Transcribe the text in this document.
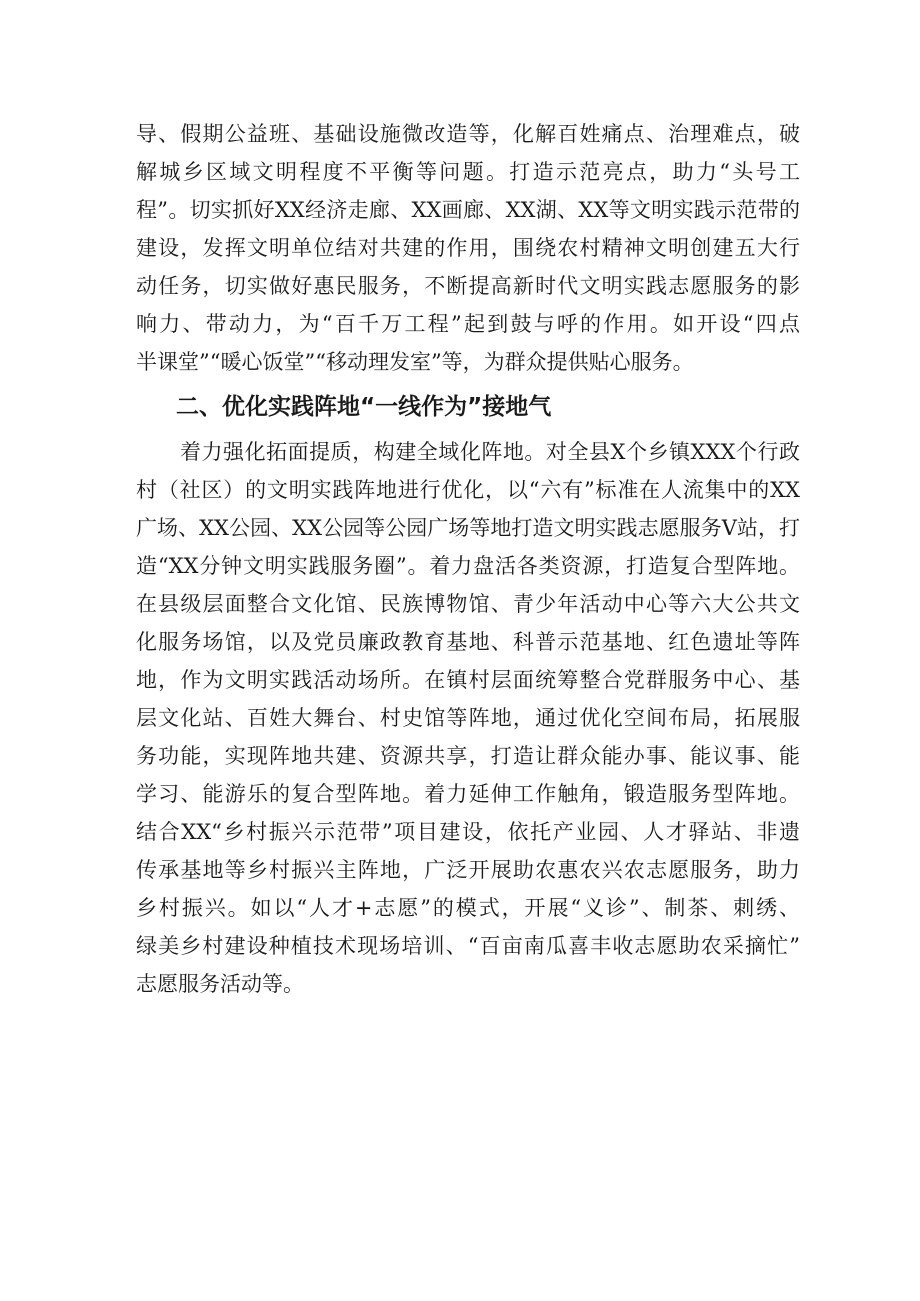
导、假期公益班、基础设施微改造等，化解百姓痛点、治理难点，破
解城乡区域文明程度不平衡等问题。打造示范亮点，助力“头号工
程”。切实抓好XX经济走廊、XX画廊、XX湖、XX等文明实践示范带的
建设，发挥文明单位结对共建的作用，围绕农村精神文明创建五大行
动任务，切实做好惠民服务，不断提高新时代文明实践志愿服务的影
响力、带动力，为“百千万工程”起到鼓与呼的作用。如开设“四点
半课堂”“暖心饭堂”“移动理发室”等，为群众提供贴心服务。
二、优化实践阵地“一线作为”接地气
着力强化拓面提质，构建全域化阵地。对全县X个乡镇XXX个行政
村（社区）的文明实践阵地进行优化，以“六有”标准在人流集中的XX
广场、XX公园、XX公园等公园广场等地打造文明实践志愿服务V站，打
造“XX分钟文明实践服务圈”。着力盘活各类资源，打造复合型阵地。
在县级层面整合文化馆、民族博物馆、青少年活动中心等六大公共文
化服务场馆，以及党员廉政教育基地、科普示范基地、红色遗址等阵
地，作为文明实践活动场所。在镇村层面统筹整合党群服务中心、基
层文化站、百姓大舞台、村史馆等阵地，通过优化空间布局，拓展服
务功能，实现阵地共建、资源共享，打造让群众能办事、能议事、能
学习、能游乐的复合型阵地。着力延伸工作触角，锻造服务型阵地。
结合XX“乡村振兴示范带”项目建设，依托产业园、人才驿站、非遗
传承基地等乡村振兴主阵地，广泛开展助农惠农兴农志愿服务，助力
乡村振兴。如以“人才+志愿”的模式，开展“义诊”、制茶、刺绣、
绿美乡村建设种植技术现场培训、“百亩南瓜喜丰收志愿助农采摘忙”
志愿服务活动等。
